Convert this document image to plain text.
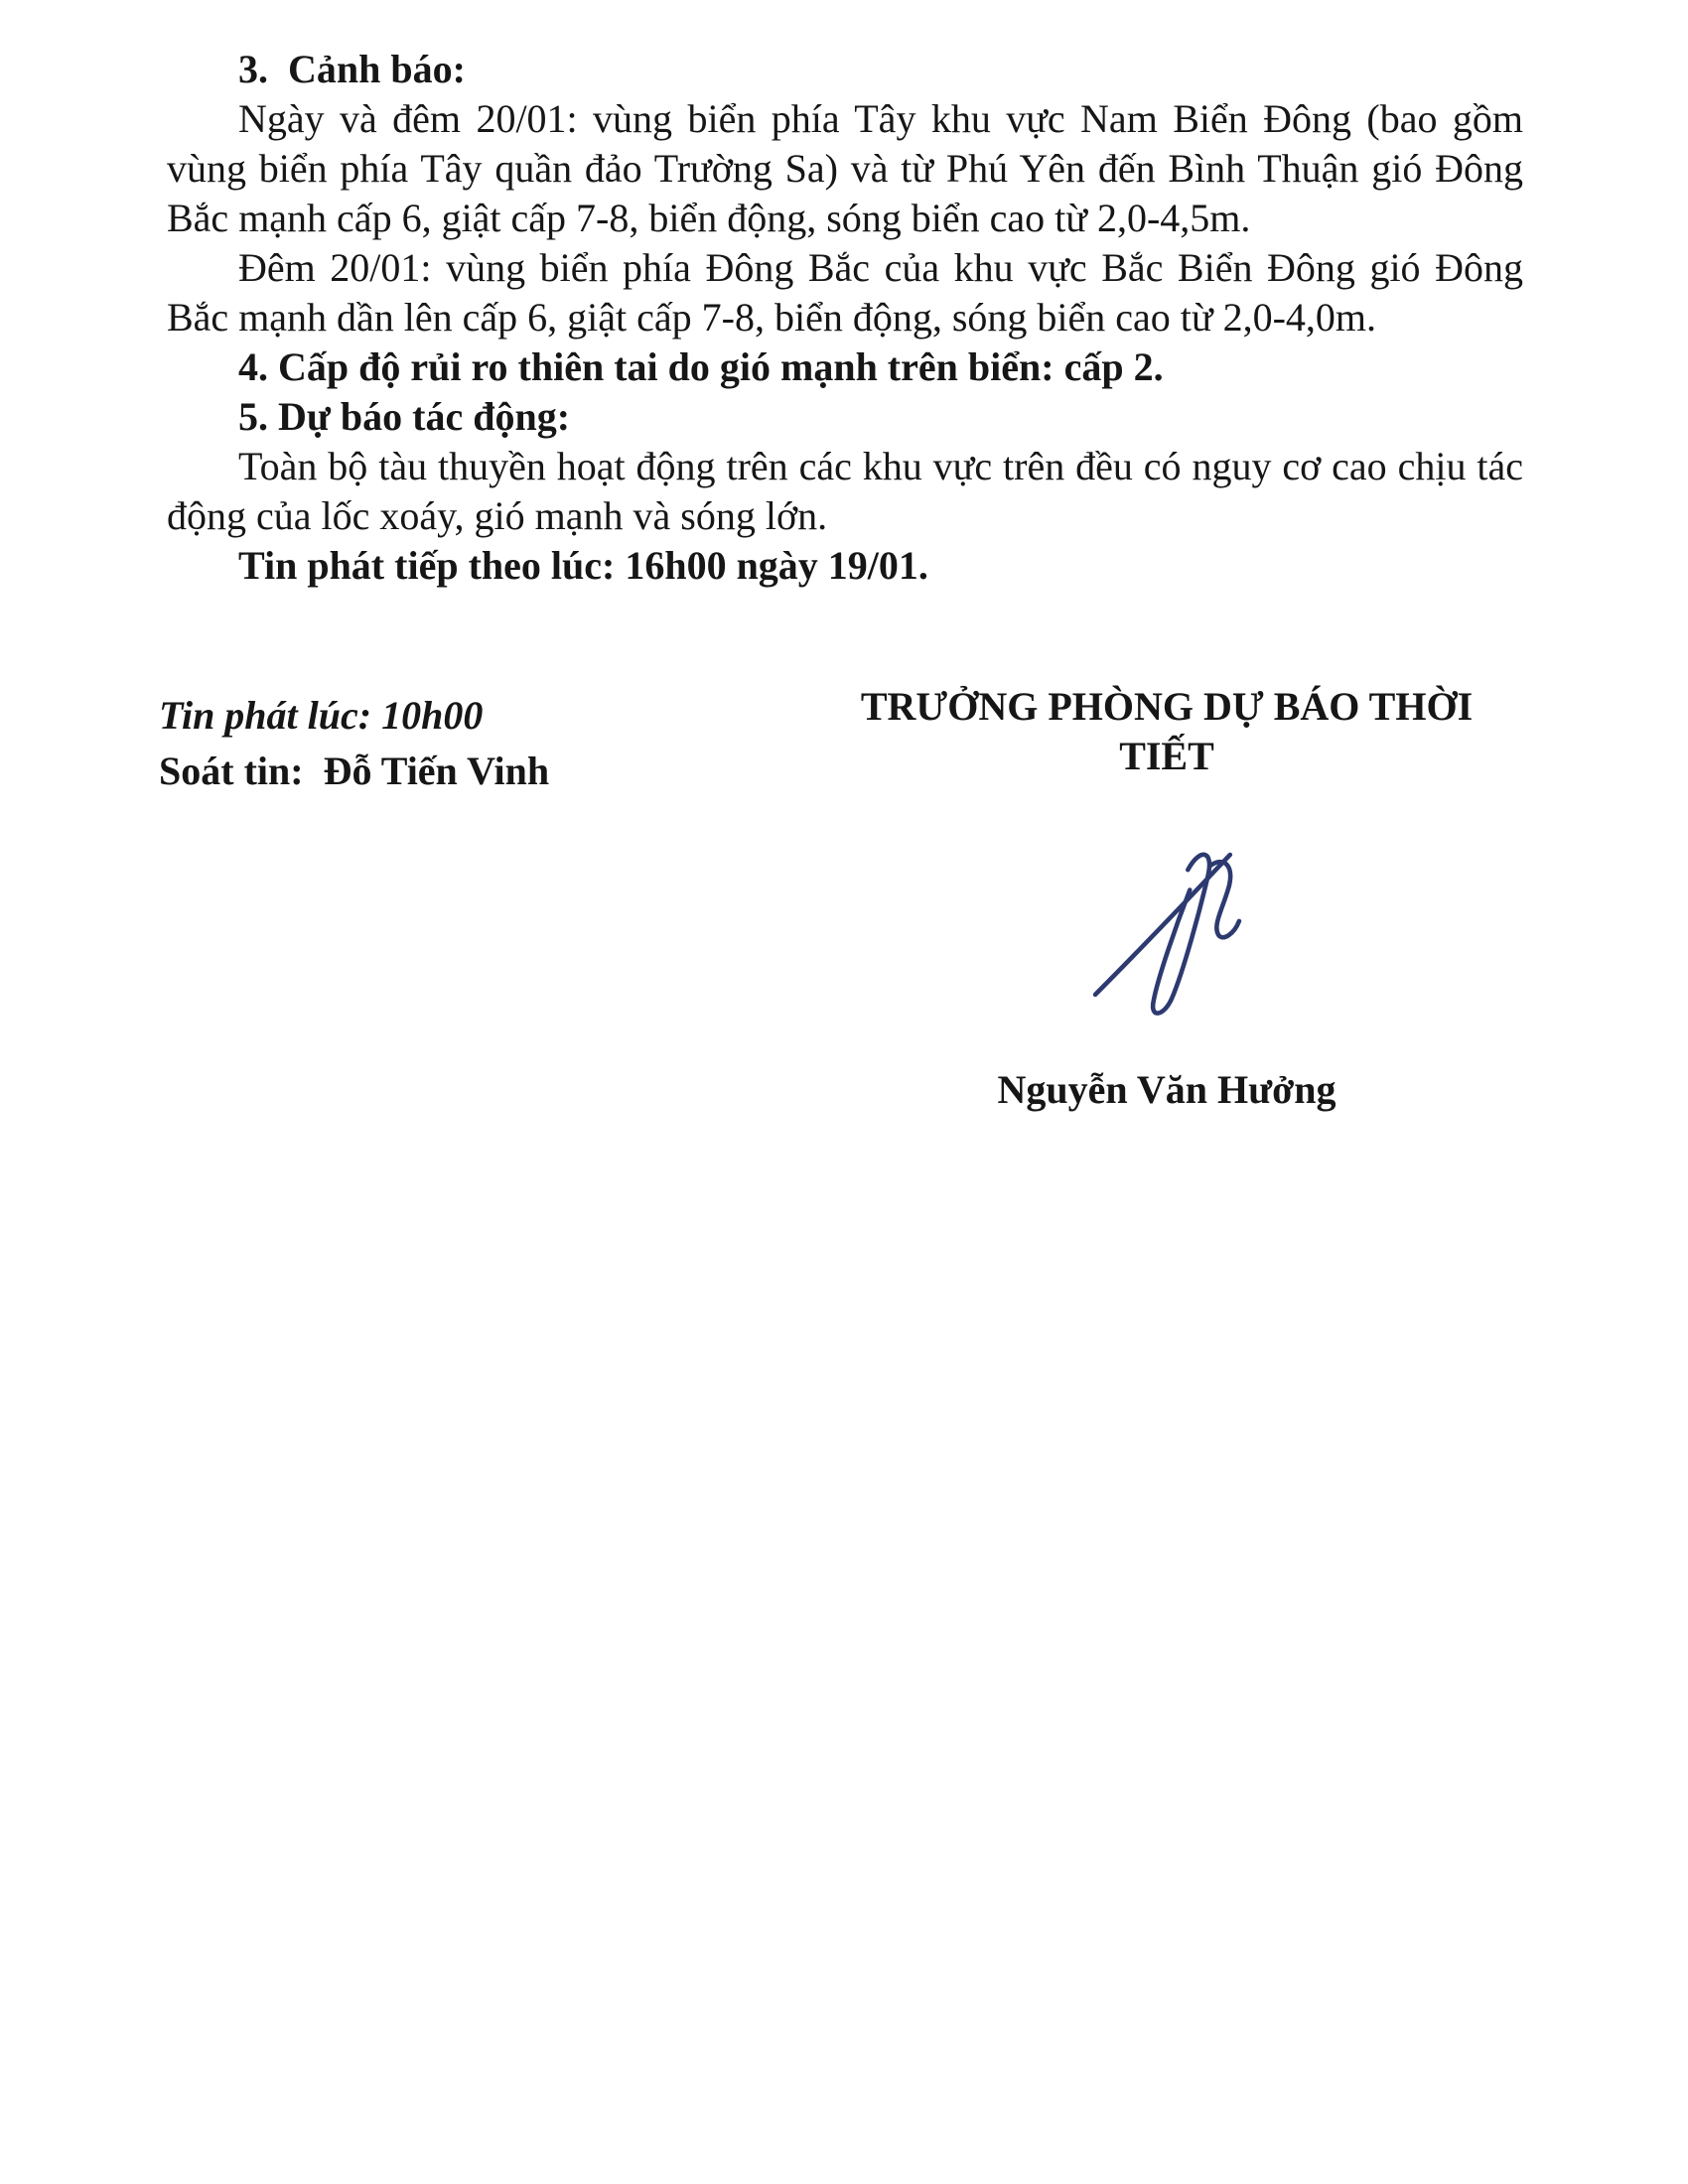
3.  Cảnh báo:

Ngày và đêm 20/01: vùng biển phía Tây khu vực Nam Biển Đông (bao gồm vùng biển phía Tây quần đảo Trường Sa) và từ Phú Yên đến Bình Thuận gió Đông Bắc mạnh cấp 6, giật cấp 7-8, biển động, sóng biển cao từ 2,0-4,5m.

Đêm 20/01: vùng biển phía Đông Bắc của khu vực Bắc Biển Đông gió Đông Bắc mạnh dần lên cấp 6, giật cấp 7-8, biển động, sóng biển cao từ 2,0-4,0m.

4. Cấp độ rủi ro thiên tai do gió mạnh trên biển: cấp 2.

5. Dự báo tác động:

Toàn bộ tàu thuyền hoạt động trên các khu vực trên đều có nguy cơ cao chịu tác động của lốc xoáy, gió mạnh và sóng lớn.

Tin phát tiếp theo lúc: 16h00 ngày 19/01.

Tin phát lúc: 10h00

Soát tin:  Đỗ Tiến Vinh

TRƯỞNG PHÒNG DỰ BÁO THỜI TIẾT

Nguyễn Văn Hưởng
